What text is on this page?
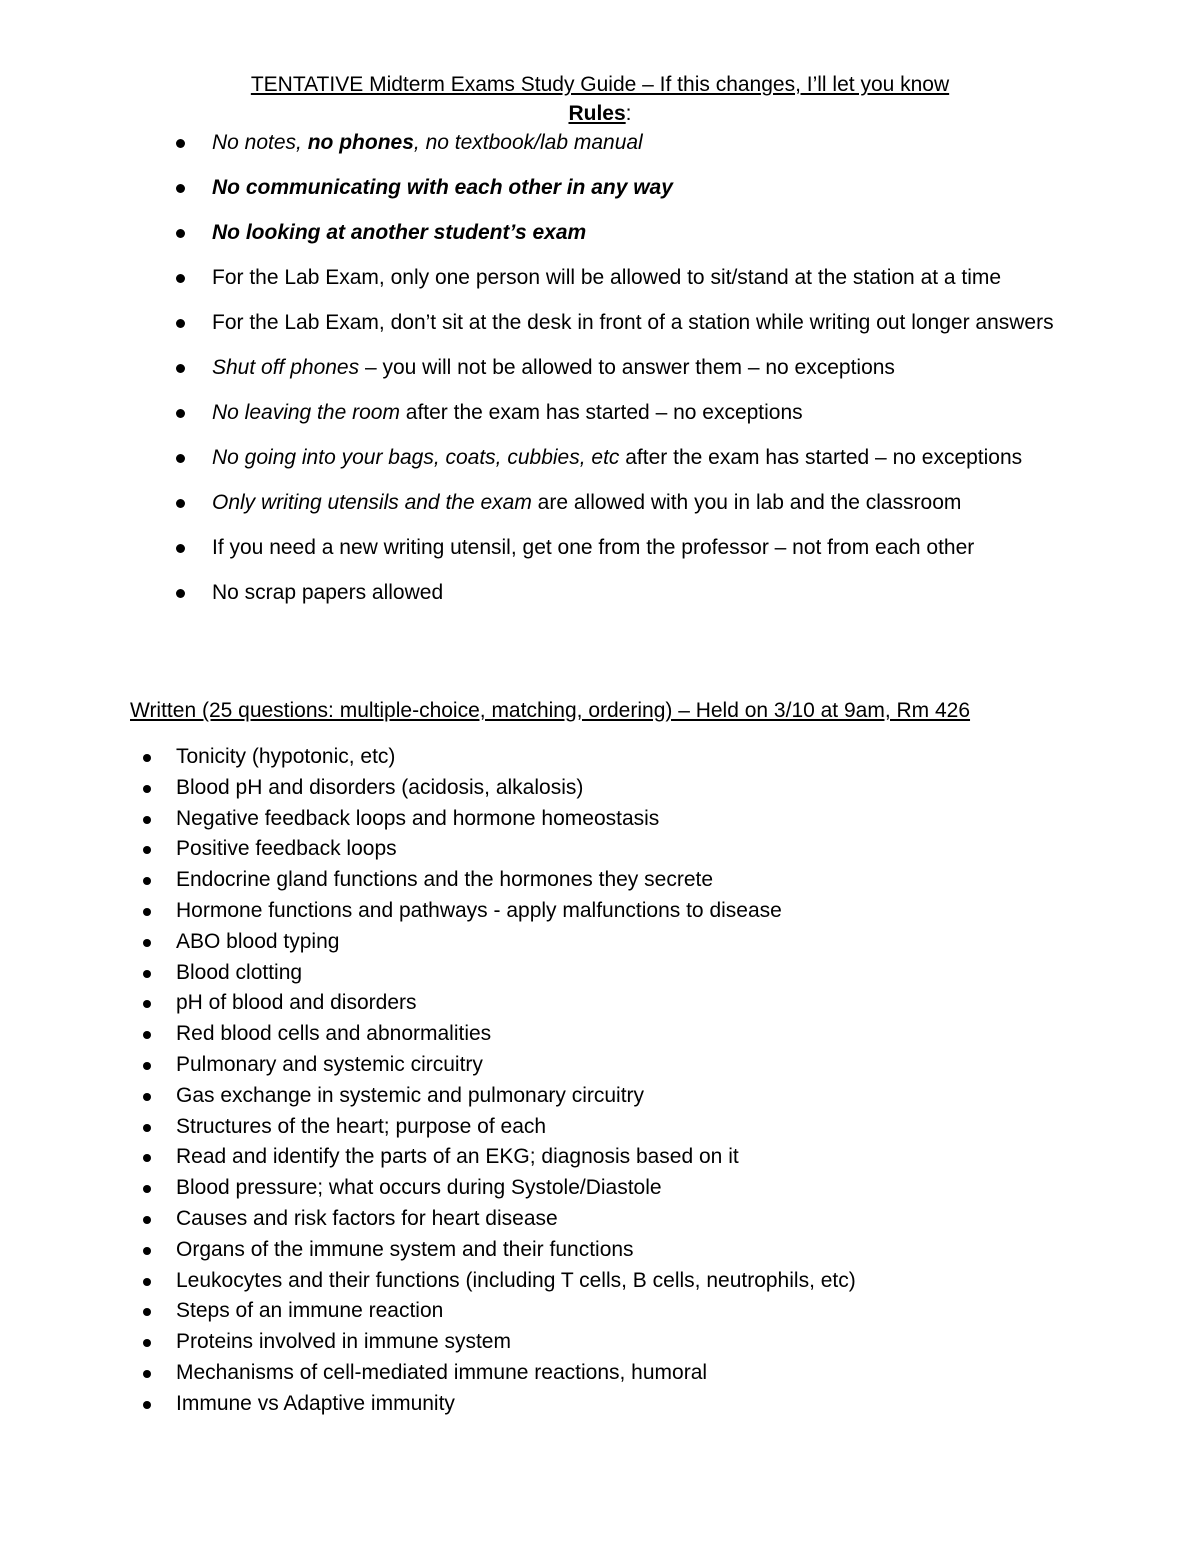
TENTATIVE Midterm Exams Study Guide – If this changes, I’ll let you know
Rules:
No notes, no phones, no textbook/lab manual
No communicating with each other in any way
No looking at another student’s exam
For the Lab Exam, only one person will be allowed to sit/stand at the station at a time
For the Lab Exam, don’t sit at the desk in front of a station while writing out longer answers
Shut off phones – you will not be allowed to answer them – no exceptions
No leaving the room after the exam has started – no exceptions
No going into your bags, coats, cubbies, etc after the exam has started – no exceptions
Only writing utensils and the exam are allowed with you in lab and the classroom
If you need a new writing utensil, get one from the professor – not from each other
No scrap papers allowed
Written (25 questions: multiple-choice, matching, ordering) – Held on 3/10 at 9am, Rm 426
Tonicity (hypotonic, etc)
Blood pH and disorders (acidosis, alkalosis)
Negative feedback loops and hormone homeostasis
Positive feedback loops
Endocrine gland functions and the hormones they secrete
Hormone functions and pathways - apply malfunctions to disease
ABO blood typing
Blood clotting
pH of blood and disorders
Red blood cells and abnormalities
Pulmonary and systemic circuitry
Gas exchange in systemic and pulmonary circuitry
Structures of the heart; purpose of each
Read and identify the parts of an EKG; diagnosis based on it
Blood pressure; what occurs during Systole/Diastole
Causes and risk factors for heart disease
Organs of the immune system and their functions
Leukocytes and their functions (including T cells, B cells, neutrophils, etc)
Steps of an immune reaction
Proteins involved in immune system
Mechanisms of cell-mediated immune reactions, humoral
Immune vs Adaptive immunity
